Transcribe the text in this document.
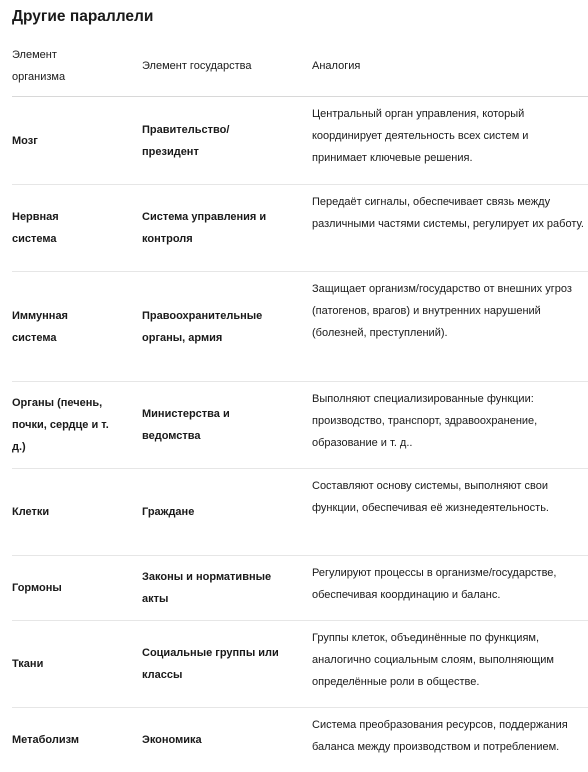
Другие параллели
Элемент организма	Элемент государства	Аналогия

Мозг	Правительство/ президент	Центральный орган управления, который координирует деятельность всех систем и принимает ключевые решения.

Нервная система	Система управления и контроля	Передаёт сигналы, обеспечивает связь между различными частями системы, регулирует их работу.

Иммунная система	Правоохранительные органы, армия	Защищает организм/государство от внешних угроз (патогенов, врагов) и внутренних нарушений (болезней, преступлений).

Органы (печень, почки, сердце и т. д.)	Министерства и ведомства	Выполняют специализированные функции: производство, транспорт, здравоохранение, образование и т. д..

Клетки	Граждане	Составляют основу системы, выполняют свои функции, обеспечивая её жизнедеятельность.

Гормоны	Законы и нормативные акты	Регулируют процессы в организме/государстве, обеспечивая координацию и баланс.

Ткани	Социальные группы или классы	Группы клеток, объединённые по функциям, аналогично социальным слоям, выполняющим определённые роли в обществе.

Метаболизм	Экономика	Система преобразования ресурсов, поддержания баланса между производством и потреблением.
